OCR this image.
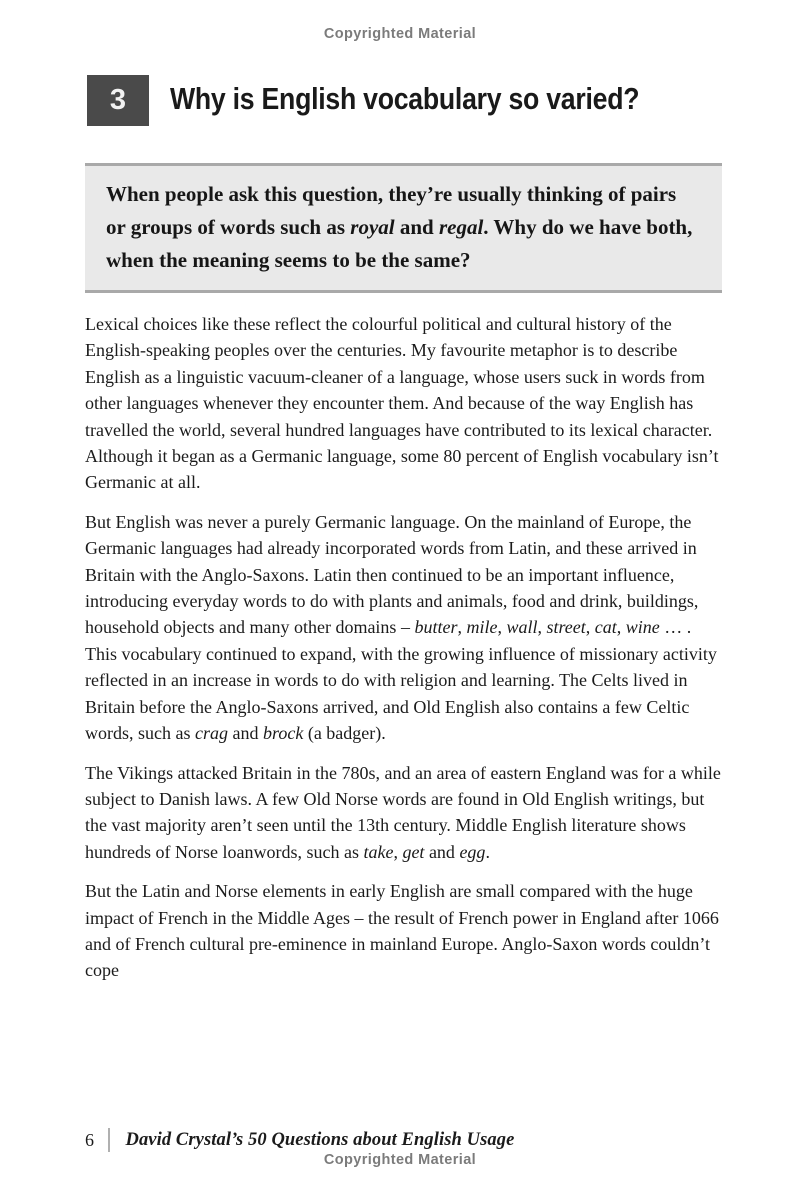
Copyrighted Material
3 Why is English vocabulary so varied?
When people ask this question, they’re usually thinking of pairs or groups of words such as royal and regal. Why do we have both, when the meaning seems to be the same?

Lexical choices like these reflect the colourful political and cultural history of the English-speaking peoples over the centuries. My favourite metaphor is to describe English as a linguistic vacuum-cleaner of a language, whose users suck in words from other languages whenever they encounter them. And because of the way English has travelled the world, several hundred languages have contributed to its lexical character. Although it began as a Germanic language, some 80 percent of English vocabulary isn’t Germanic at all.

But English was never a purely Germanic language. On the mainland of Europe, the Germanic languages had already incorporated words from Latin, and these arrived in Britain with the Anglo-Saxons. Latin then continued to be an important influence, introducing everyday words to do with plants and animals, food and drink, buildings, household objects and many other domains – butter, mile, wall, street, cat, wine … . This vocabulary continued to expand, with the growing influence of missionary activity reflected in an increase in words to do with religion and learning. The Celts lived in Britain before the Anglo-Saxons arrived, and Old English also contains a few Celtic words, such as crag and brock (a badger).

The Vikings attacked Britain in the 780s, and an area of eastern England was for a while subject to Danish laws. A few Old Norse words are found in Old English writings, but the vast majority aren’t seen until the 13th century. Middle English literature shows hundreds of Norse loanwords, such as take, get and egg.

But the Latin and Norse elements in early English are small compared with the huge impact of French in the Middle Ages – the result of French power in England after 1066 and of French cultural pre-eminence in mainland Europe. Anglo-Saxon words couldn’t cope

6 David Crystal’s 50 Questions about English Usage
Copyrighted Material
